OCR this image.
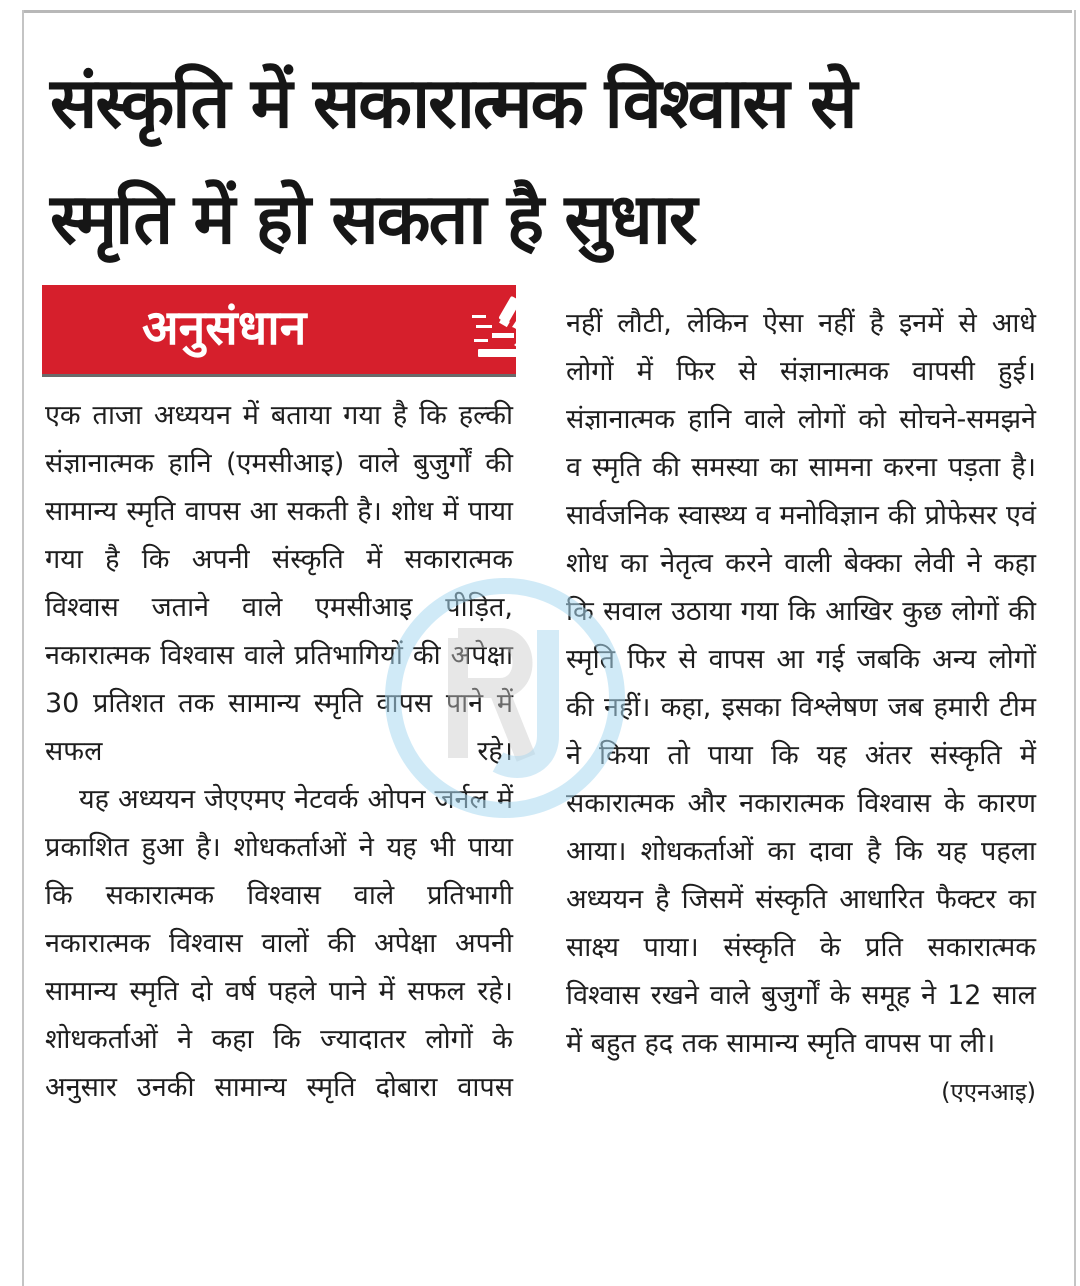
संस्कृति में सकारात्मक विश्वास से
स्मृति में हो सकता है सुधार
अनुसंधान

एक ताजा अध्ययन में बताया गया है कि हल्की संज्ञानात्मक हानि (एमसीआइ) वाले बुजुर्गों की सामान्य स्मृति वापस आ सकती है। शोध में पाया गया है कि अपनी संस्कृति में सकारात्मक विश्वास जताने वाले एमसीआइ पीड़ित, नकारात्मक विश्वास वाले प्रतिभागियों की अपेक्षा 30 प्रतिशत तक सामान्य स्मृति वापस पाने में सफल रहे।

यह अध्ययन जेएएमए नेटवर्क ओपन जर्नल में प्रकाशित हुआ है। शोधकर्ताओं ने यह भी पाया कि सकारात्मक विश्वास वाले प्रतिभागी नकारात्मक विश्वास वालों की अपेक्षा अपनी सामान्य स्मृति दो वर्ष पहले पाने में सफल रहे। शोधकर्ताओं ने कहा कि ज्यादातर लोगों के अनुसार उनकी सामान्य स्मृति दोबारा वापस

नहीं लौटी, लेकिन ऐसा नहीं है इनमें से आधे लोगों में फिर से संज्ञानात्मक वापसी हुई। संज्ञानात्मक हानि वाले लोगों को सोचने-समझने व स्मृति की समस्या का सामना करना पड़ता है। सार्वजनिक स्वास्थ्य व मनोविज्ञान की प्रोफेसर एवं शोध का नेतृत्व करने वाली बेक्का लेवी ने कहा कि सवाल उठाया गया कि आखिर कुछ लोगों की स्मृति फिर से वापस आ गई जबकि अन्य लोगों की नहीं। कहा, इसका विश्लेषण जब हमारी टीम ने किया तो पाया कि यह अंतर संस्कृति में सकारात्मक और नकारात्मक विश्वास के कारण आया। शोधकर्ताओं का दावा है कि यह पहला अध्ययन है जिसमें संस्कृति आधारित फैक्टर का साक्ष्य पाया। संस्कृति के प्रति सकारात्मक विश्वास रखने वाले बुजुर्गों के समूह ने 12 साल में बहुत हद तक सामान्य स्मृति वापस पा ली।
(एएनआइ)
